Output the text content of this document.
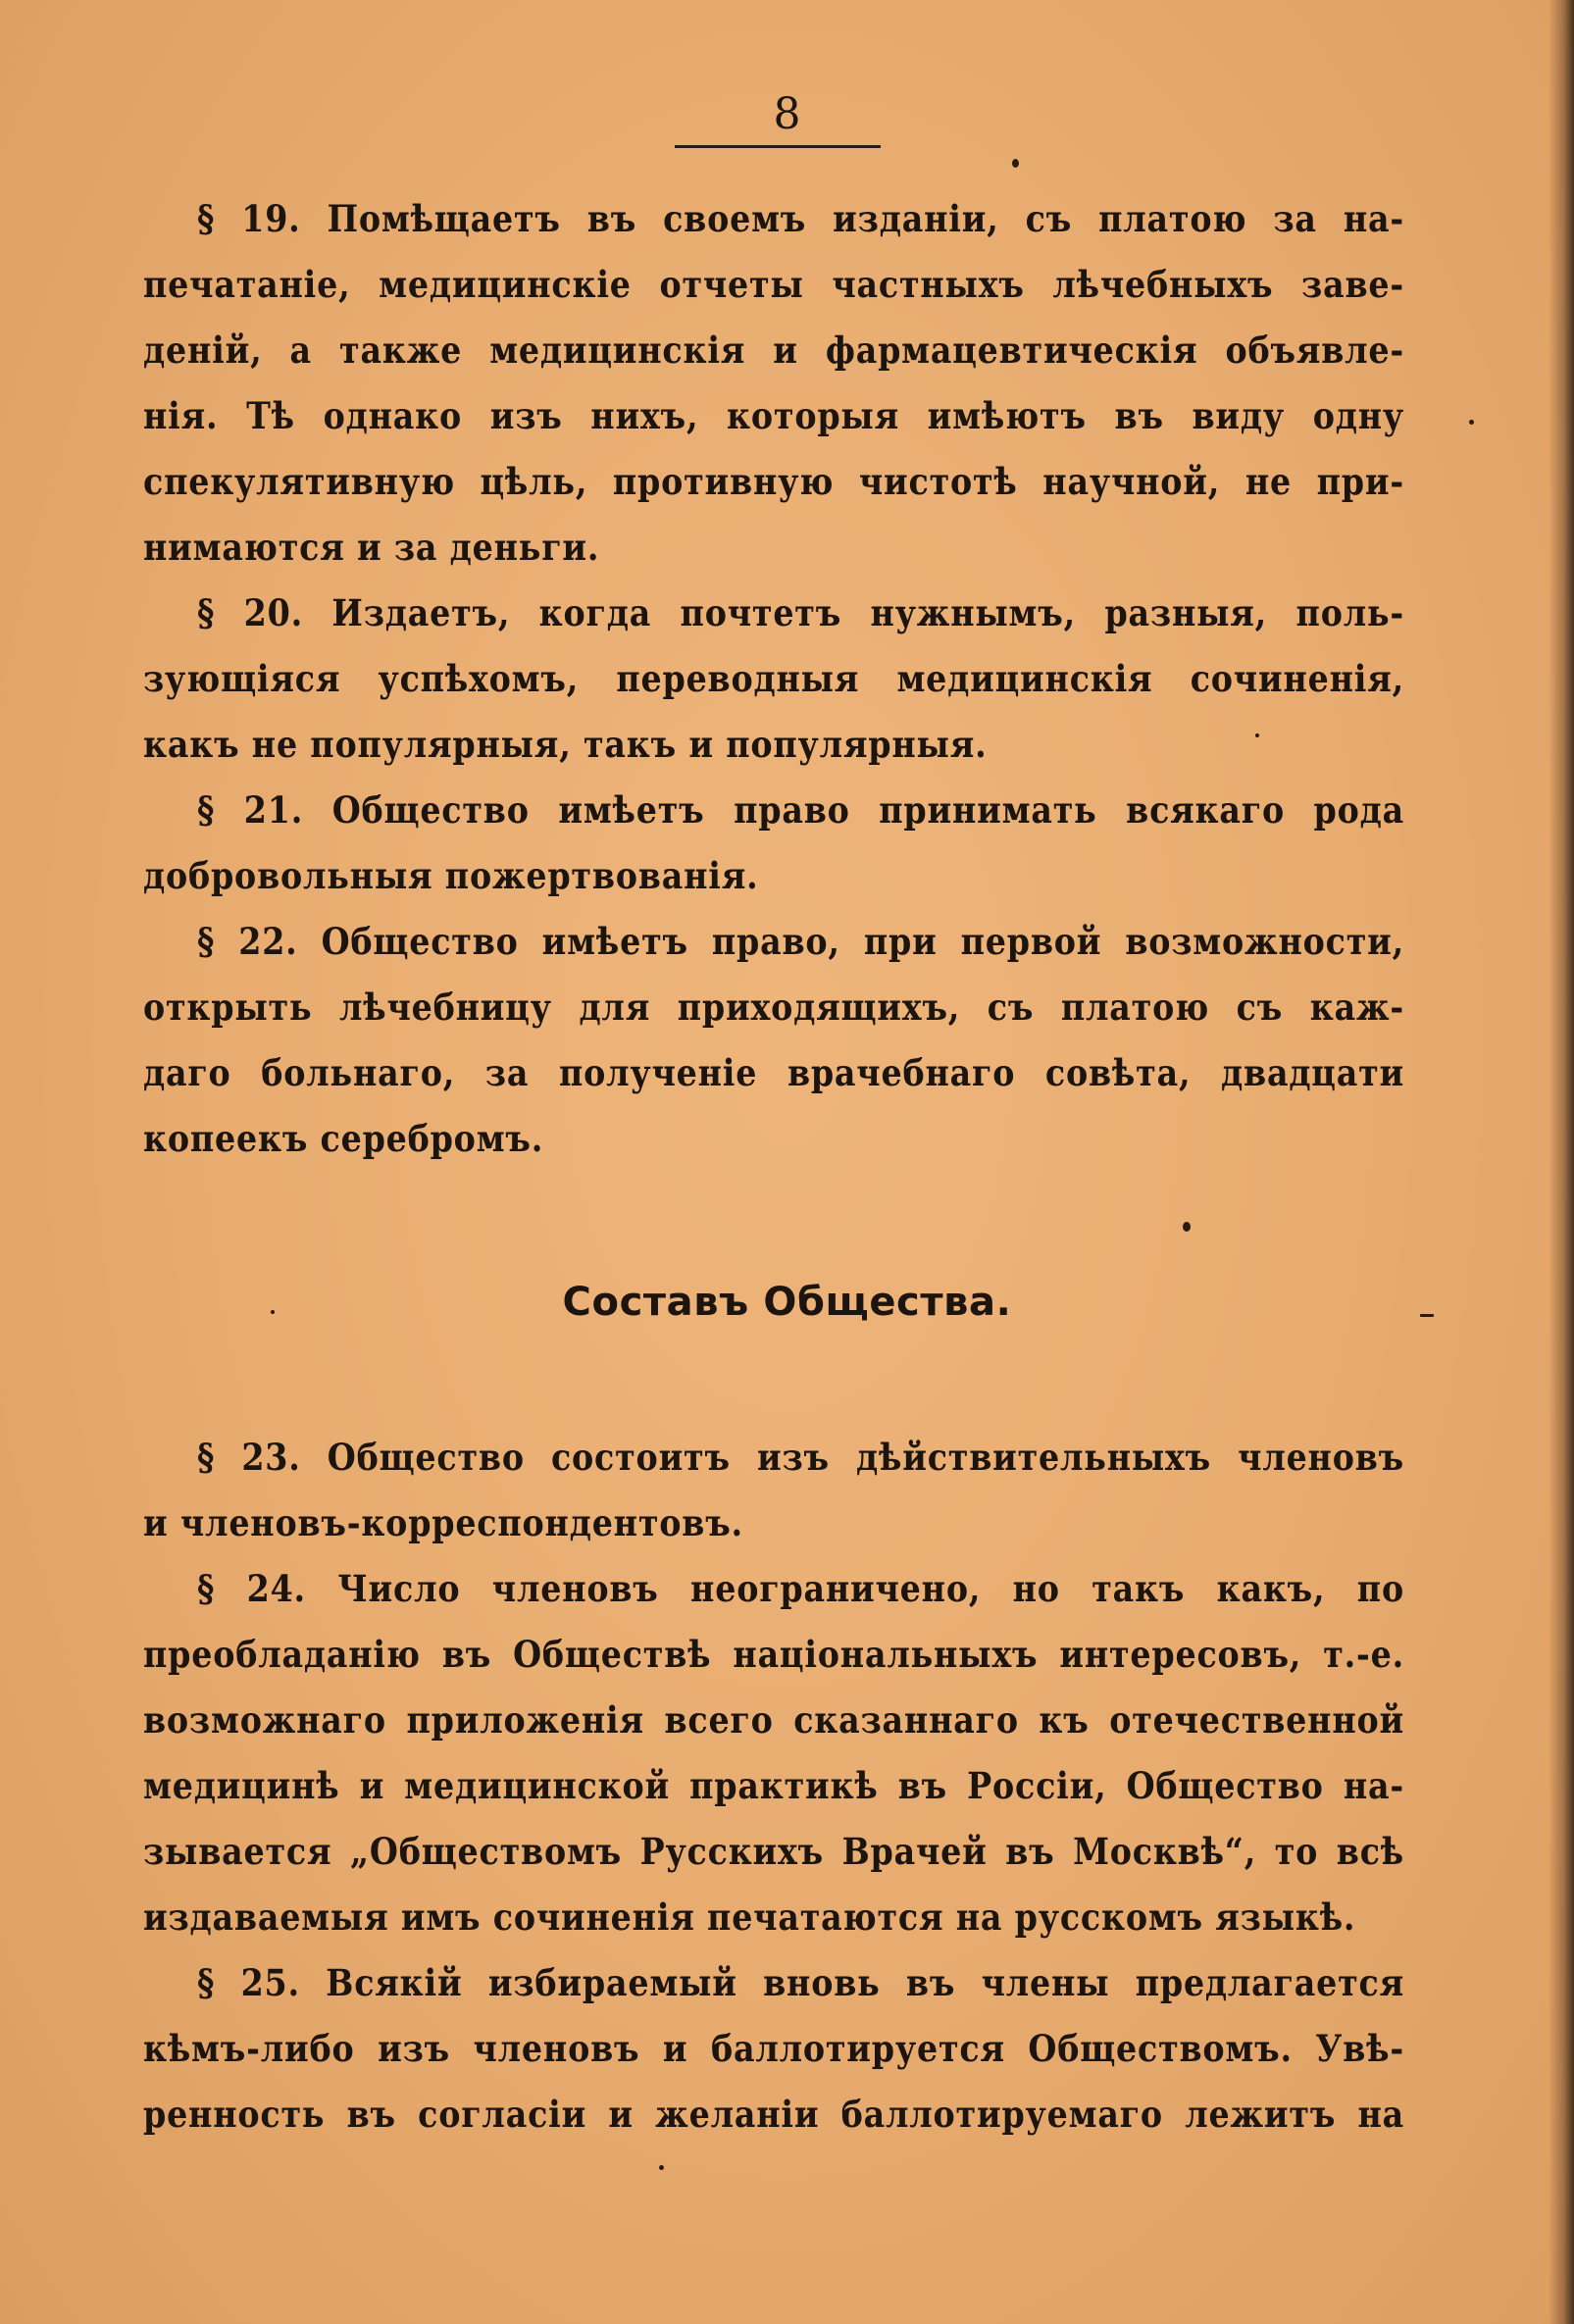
8
§ 19. Помѣщаетъ въ своемъ изданіи, съ платою за на-
печатаніе, медицинскіе отчеты частныхъ лѣчебныхъ заве-
деній, а также медицинскія и фармацевтическія объявле-
нія. Тѣ однако изъ нихъ, которыя имѣютъ въ виду одну
спекулятивную цѣль, противную чистотѣ научной, не при-
нимаются и за деньги.
§ 20. Издаетъ, когда почтетъ нужнымъ, разныя, поль-
зующіяся успѣхомъ, переводныя медицинскія сочиненія,
какъ не популярныя, такъ и популярныя.
§ 21. Общество имѣетъ право принимать всякаго рода
добровольныя пожертвованія.
§ 22. Общество имѣетъ право, при первой возможности,
открыть лѣчебницу для приходящихъ, съ платою съ каж-
даго больнаго, за полученіе врачебнаго совѣта, двадцати
копеекъ серебромъ.
Составъ Общества.
§ 23. Общество состоитъ изъ дѣйствительныхъ членовъ
и членовъ-корреспондентовъ.
§ 24. Число членовъ неограничено, но такъ какъ, по
преобладанію въ Обществѣ національныхъ интересовъ, т.-е.
возможнаго приложенія всего сказаннаго къ отечественной
медицинѣ и медицинской практикѣ въ Россіи, Общество на-
зывается „Обществомъ Русскихъ Врачей въ Москвѣ“, то всѣ
издаваемыя имъ сочиненія печатаются на русскомъ языкѣ.
§ 25. Всякій избираемый вновь въ члены предлагается
кѣмъ-либо изъ членовъ и баллотируется Обществомъ. Увѣ-
ренность въ согласіи и желаніи баллотируемаго лежитъ на
